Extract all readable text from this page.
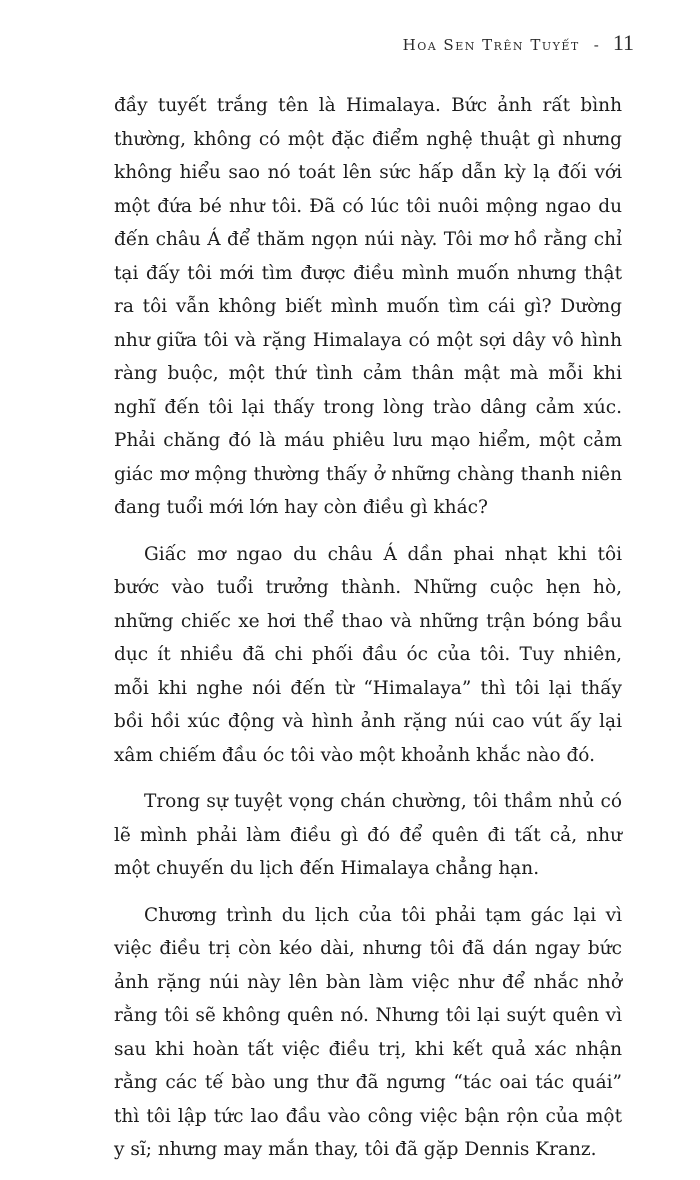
Hoa Sen Trên Tuyết - 11

đầy tuyết trắng tên là Himalaya. Bức ảnh rất bình thường, không có một đặc điểm nghệ thuật gì nhưng không hiểu sao nó toát lên sức hấp dẫn kỳ lạ đối với một đứa bé như tôi. Đã có lúc tôi nuôi mộng ngao du đến châu Á để thăm ngọn núi này. Tôi mơ hồ rằng chỉ tại đấy tôi mới tìm được điều mình muốn nhưng thật ra tôi vẫn không biết mình muốn tìm cái gì? Dường như giữa tôi và rặng Himalaya có một sợi dây vô hình ràng buộc, một thứ tình cảm thân mật mà mỗi khi nghĩ đến tôi lại thấy trong lòng trào dâng cảm xúc. Phải chăng đó là máu phiêu lưu mạo hiểm, một cảm giác mơ mộng thường thấy ở những chàng thanh niên đang tuổi mới lớn hay còn điều gì khác?

Giấc mơ ngao du châu Á dần phai nhạt khi tôi bước vào tuổi trưởng thành. Những cuộc hẹn hò, những chiếc xe hơi thể thao và những trận bóng bầu dục ít nhiều đã chi phối đầu óc của tôi. Tuy nhiên, mỗi khi nghe nói đến từ “Himalaya” thì tôi lại thấy bồi hồi xúc động và hình ảnh rặng núi cao vút ấy lại xâm chiếm đầu óc tôi vào một khoảnh khắc nào đó.

Trong sự tuyệt vọng chán chường, tôi thầm nhủ có lẽ mình phải làm điều gì đó để quên đi tất cả, như một chuyến du lịch đến Himalaya chẳng hạn.

Chương trình du lịch của tôi phải tạm gác lại vì việc điều trị còn kéo dài, nhưng tôi đã dán ngay bức ảnh rặng núi này lên bàn làm việc như để nhắc nhở rằng tôi sẽ không quên nó. Nhưng tôi lại suýt quên vì sau khi hoàn tất việc điều trị, khi kết quả xác nhận rằng các tế bào ung thư đã ngưng “tác oai tác quái” thì tôi lập tức lao đầu vào công việc bận rộn của một y sĩ; nhưng may mắn thay, tôi đã gặp Dennis Kranz.
